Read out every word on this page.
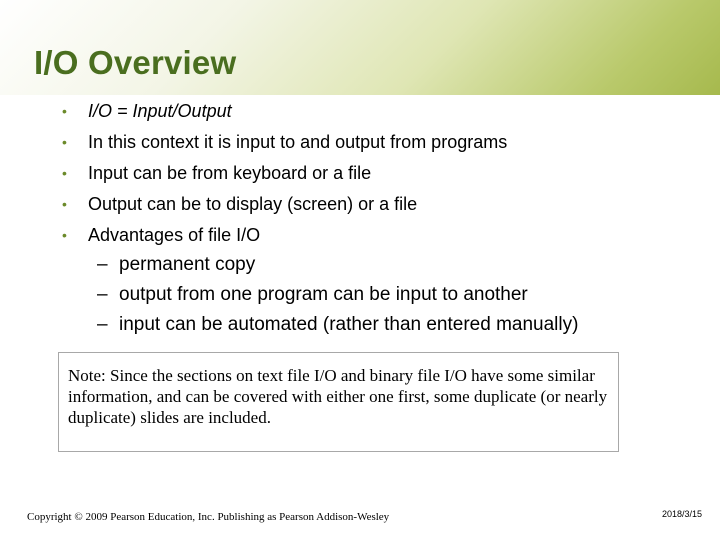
I/O Overview
• I/O = Input/Output
• In this context it is input to and output from programs
• Input can be from keyboard or a file
• Output can be to display (screen) or a file
• Advantages of file I/O
– permanent copy
– output from one program can be input to another
– input can be automated (rather than entered manually)
Note: Since the sections on text file I/O and binary file I/O have some similar information, and can be covered with either one first, some duplicate (or nearly duplicate) slides are included.
Copyright © 2009 Pearson Education, Inc. Publishing as Pearson Addison-Wesley	2018/3/15
